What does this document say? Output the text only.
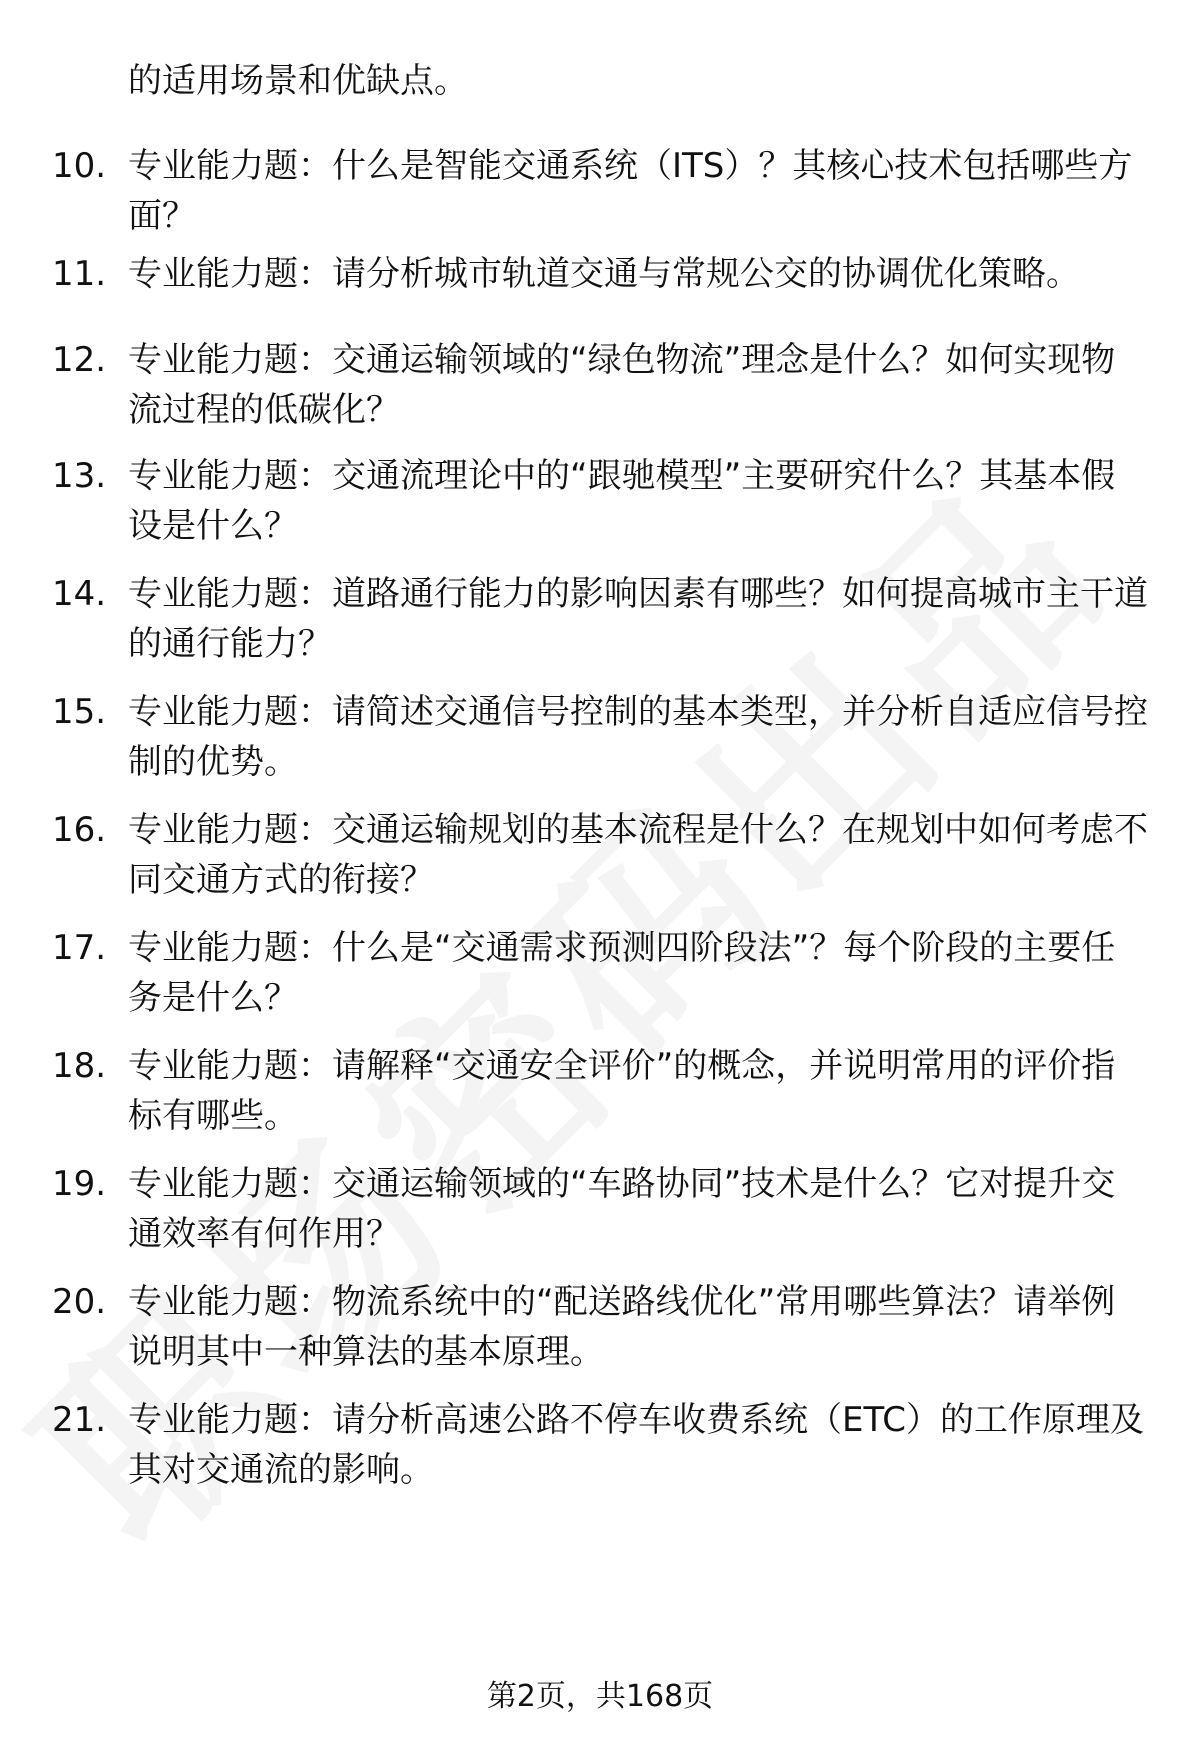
的适用场景和优缺点。
10. 专业能力题：什么是智能交通系统（ITS）？其核心技术包括哪些方面？
11. 专业能力题：请分析城市轨道交通与常规公交的协调优化策略。
12. 专业能力题：交通运输领域的“绿色物流”理念是什么？如何实现物流过程的低碳化？
13. 专业能力题：交通流理论中的“跟驰模型”主要研究什么？其基本假设是什么？
14. 专业能力题：道路通行能力的影响因素有哪些？如何提高城市主干道的通行能力？
15. 专业能力题：请简述交通信号控制的基本类型，并分析自适应信号控制的优势。
16. 专业能力题：交通运输规划的基本流程是什么？在规划中如何考虑不同交通方式的衔接？
17. 专业能力题：什么是“交通需求预测四阶段法”？每个阶段的主要任务是什么？
18. 专业能力题：请解释“交通安全评价”的概念，并说明常用的评价指标有哪些。
19. 专业能力题：交通运输领域的“车路协同”技术是什么？它对提升交通效率有何作用？
20. 专业能力题：物流系统中的“配送路线优化”常用哪些算法？请举例说明其中一种算法的基本原理。
21. 专业能力题：请分析高速公路不停车收费系统（ETC）的工作原理及其对交通流的影响。
第2页，共168页
